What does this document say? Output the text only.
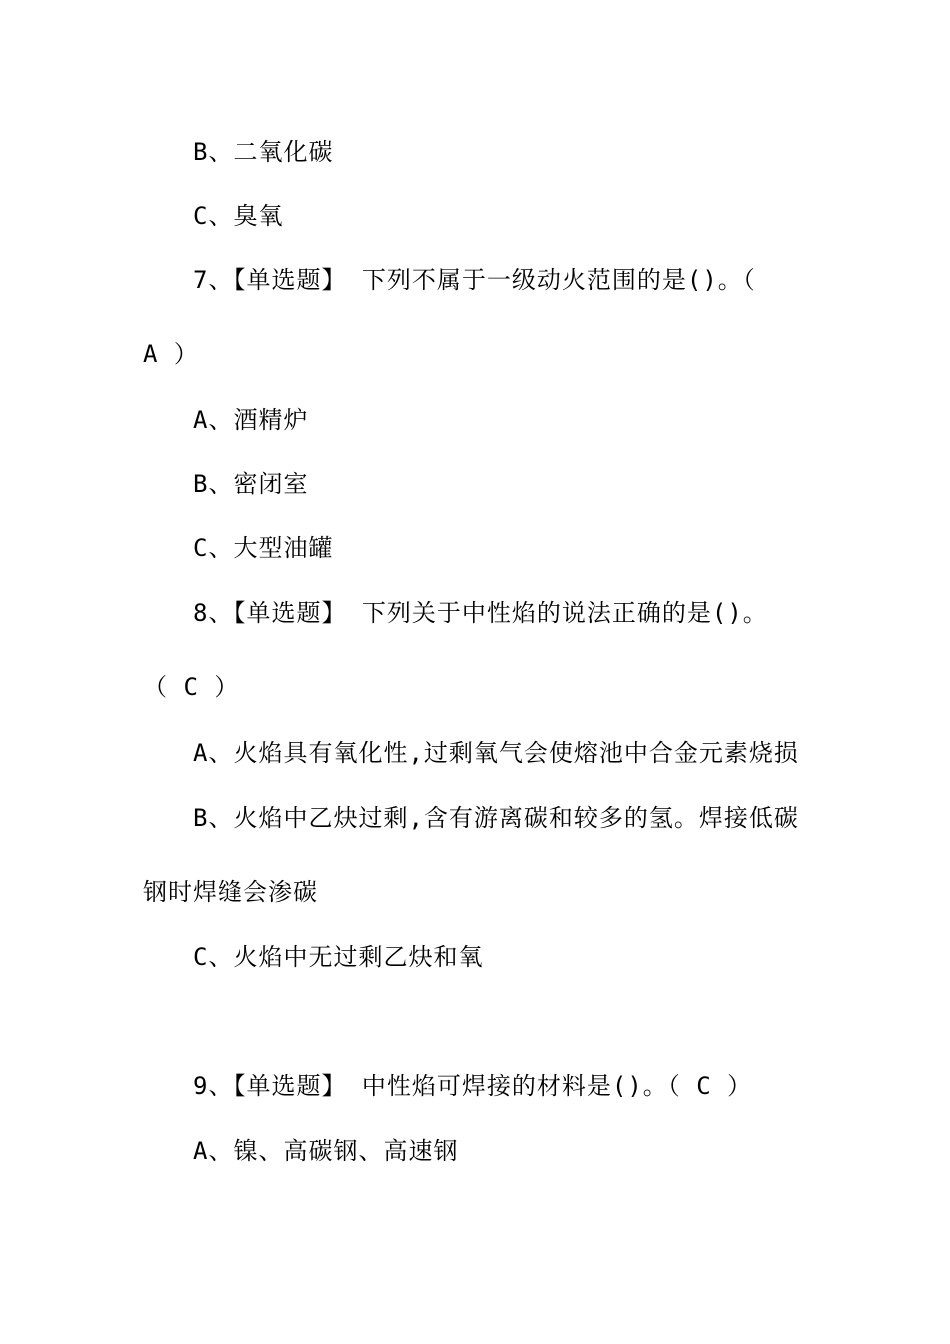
B、二氧化碳
C、臭氧
7、【单选题】 下列不属于一级动火范围的是()。（
A ）
A、酒精炉
B、密闭室
C、大型油罐
8、【单选题】 下列关于中性焰的说法正确的是()。
（ C ）
A、火焰具有氧化性,过剩氧气会使熔池中合金元素烧损
B、火焰中乙炔过剩,含有游离碳和较多的氢。焊接低碳
钢时焊缝会渗碳
C、火焰中无过剩乙炔和氧
9、【单选题】 中性焰可焊接的材料是()。（ C ）
A、镍、高碳钢、高速钢
